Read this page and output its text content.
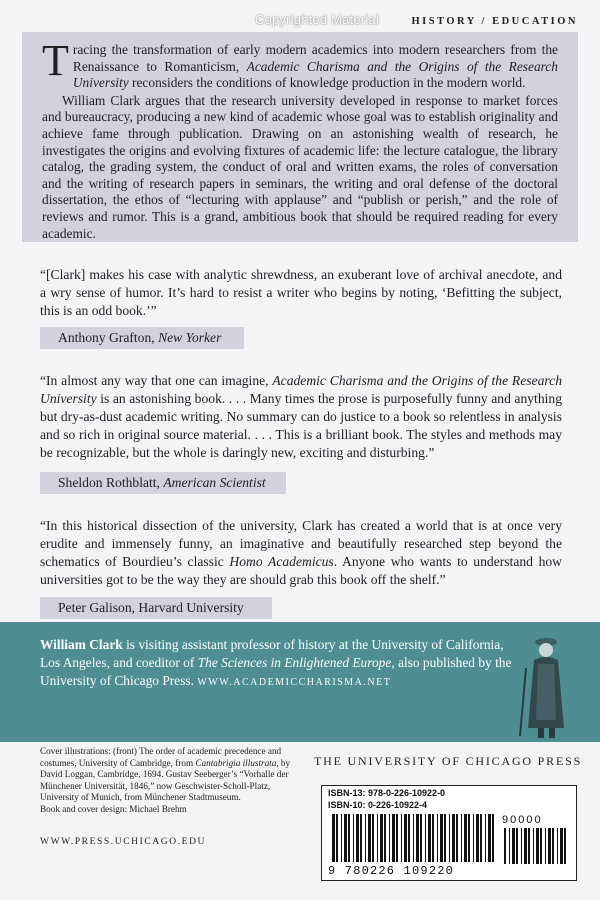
Copyrighted Material	HISTORY / EDUCATION

Tracing the transformation of early modern academics into modern researchers from the Renaissance to Romanticism, Academic Charisma and the Origins of the Research University reconsiders the conditions of knowledge production in the modern world.

William Clark argues that the research university developed in response to market forces and bureaucracy, producing a new kind of academic whose goal was to establish originality and achieve fame through publication. Drawing on an astonishing wealth of research, he investigates the origins and evolving fixtures of academic life: the lecture catalogue, the library catalog, the grading system, the conduct of oral and written exams, the roles of conversation and the writing of research papers in seminars, the writing and oral defense of the doctoral dissertation, the ethos of “lecturing with applause” and “publish or perish,” and the role of reviews and rumor. This is a grand, ambitious book that should be required reading for every academic.

“[Clark] makes his case with analytic shrewdness, an exuberant love of archival anecdote, and a wry sense of humor. It’s hard to resist a writer who begins by noting, ‘Befitting the subject, this is an odd book.’”

Anthony Grafton, New Yorker

“In almost any way that one can imagine, Academic Charisma and the Origins of the Research University is an astonishing book. . . . Many times the prose is purposefully funny and anything but dry-as-dust academic writing. No summary can do justice to a book so relentless in analysis and so rich in original source material. . . . This is a brilliant book. The styles and methods may be recognizable, but the whole is daringly new, exciting and disturbing.”

Sheldon Rothblatt, American Scientist

“In this historical dissection of the university, Clark has created a world that is at once very erudite and immensely funny, an imaginative and beautifully researched step beyond the schematics of Bourdieu’s classic Homo Academicus. Anyone who wants to understand how universities got to be the way they are should grab this book off the shelf.”

Peter Galison, Harvard University

William Clark is visiting assistant professor of history at the University of California, Los Angeles, and coeditor of The Sciences in Enlightened Europe, also published by the University of Chicago Press. WWW.ACADEMICCHARISMA.NET

Cover illustrations: (front) The order of academic precedence and costumes, University of Cambridge, from Cantabrigia illustrata, by David Loggan, Cambridge, 1694. Gustav Seeberger’s “Vorhalle der Münchener Universität, 1846,” now Geschwister-Scholl-Platz, University of Munich, from Münchener Stadtmuseum.
Book and cover design: Michael Brehm

WWW.PRESS.UCHICAGO.EDU
THE UNIVERSITY OF CHICAGO PRESS
ISBN-13: 978-0-226-10922-0
ISBN-10: 0-226-10922-4
90000
9 780226 109220
